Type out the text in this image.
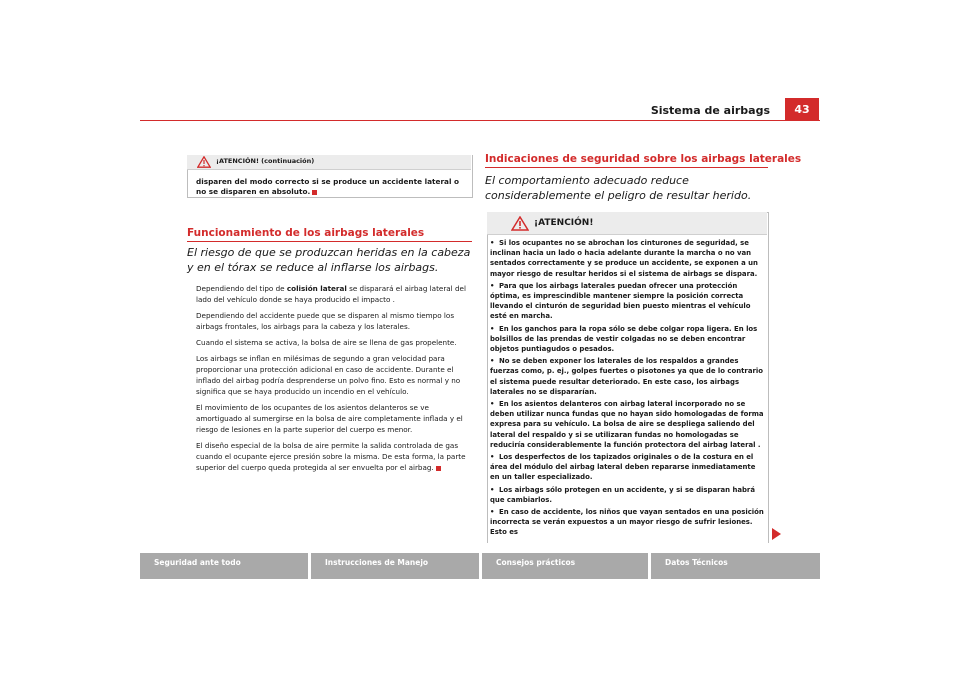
Sistema de airbags	43
¡ATENCIÓN! (continuación)
disparen del modo correcto si se produce un accidente lateral o no se disparen en absoluto.
Funcionamiento de los airbags laterales
El riesgo de que se produzcan heridas en la cabeza y en el tórax se reduce al inflarse los airbags.

Dependiendo del tipo de colisión lateral se disparará el airbag lateral del lado del vehículo donde se haya producido el impacto .

Dependiendo del accidente puede que se disparen al mismo tiempo los airbags frontales, los airbags para la cabeza y los laterales.

Cuando el sistema se activa, la bolsa de aire se llena de gas propelente.

Los airbags se inflan en milésimas de segundo a gran velocidad para proporcionar una protección adicional en caso de accidente. Durante el inflado del airbag podría desprenderse un polvo fino. Esto es normal y no significa que se haya producido un incendio en el vehículo.

El movimiento de los ocupantes de los asientos delanteros se ve amortiguado al sumergirse en la bolsa de aire completamente inflada y el riesgo de lesiones en la parte superior del cuerpo es menor.

El diseño especial de la bolsa de aire permite la salida controlada de gas cuando el ocupante ejerce presión sobre la misma. De esta forma, la parte superior del cuerpo queda protegida al ser envuelta por el airbag.

Indicaciones de seguridad sobre los airbags laterales
El comportamiento adecuado reduce considerablemente el peligro de resultar herido.
¡ATENCIÓN!
• Si los ocupantes no se abrochan los cinturones de seguridad, se inclinan hacia un lado o hacia adelante durante la marcha o no van sentados correctamente y se produce un accidente, se exponen a un mayor riesgo de resultar heridos si el sistema de airbags se dispara.
• Para que los airbags laterales puedan ofrecer una protección óptima, es imprescindible mantener siempre la posición correcta llevando el cinturón de seguridad bien puesto mientras el vehículo esté en marcha.
• En los ganchos para la ropa sólo se debe colgar ropa ligera. En los bolsillos de las prendas de vestir colgadas no se deben encontrar objetos puntiagudos o pesados.
• No se deben exponer los laterales de los respaldos a grandes fuerzas como, p. ej., golpes fuertes o pisotones ya que de lo contrario el sistema puede resultar deteriorado. En este caso, los airbags laterales no se dispararían.
• En los asientos delanteros con airbag lateral incorporado no se deben utilizar nunca fundas que no hayan sido homologadas de forma expresa para su vehículo. La bolsa de aire se despliega saliendo del lateral del respaldo y si se utilizaran fundas no homologadas se reduciría considerablemente la función protectora del airbag lateral .
• Los desperfectos de los tapizados originales o de la costura en el área del módulo del airbag lateral deben repararse inmediatamente en un taller especializado.
• Los airbags sólo protegen en un accidente, y si se disparan habrá que cambiarlos.
• En caso de accidente, los niños que vayan sentados en una posición incorrecta se verán expuestos a un mayor riesgo de sufrir lesiones. Esto es
Seguridad ante todo	Instrucciones de Manejo	Consejos prácticos	Datos Técnicos
